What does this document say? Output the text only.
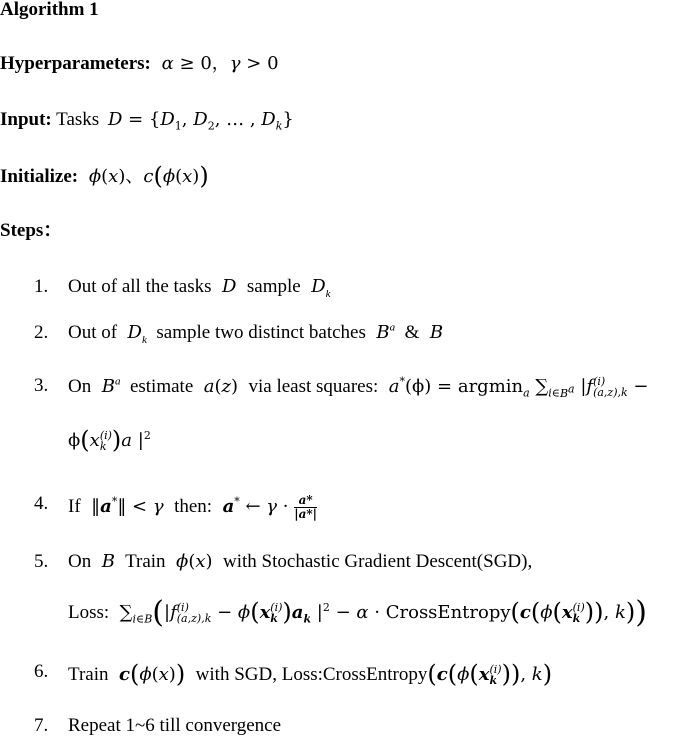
Algorithm 1
Hyperparameters: α ≥ 0，γ > 0
Input: Tasks $D = \{D_1$, $D_2$, … , $D_k$}
Initialize: ϕ(x)、c(ϕ(x))
Steps：
1. Out of all the tasks  D  sample  $D_k$
2. Out of  $D_k$ sample two distinct batches  $B^a$ &  B
3. On  $B^a$ estimate a(z)  via least squares: a*(ϕ) = argmin$_a$ $\sum_{i\in B^a}$ |f (i)
(a,z),k −
ϕ(x (i)
k )a $|^2$
4. If  ‖a*‖ < γ then: a* ← $\gamma \cdot \frac{a*}{|a*|}$
5. On  B  Train ϕ(x)  with Stochastic Gradient Descent(SGD),
Loss:  $\sum_{i\in B}(|f$ (i)
(a,z),k − ϕ(x (i)
k )$a_k$ $|^2 - \alpha$ · CrossEntropy(c(ϕ(x (i)
k )), k))
6. Train c(ϕ(x)) with SGD, Loss:CrossEntropy(c(ϕ(x (i)
k )), k)
7. Repeat 1~6 till convergence
